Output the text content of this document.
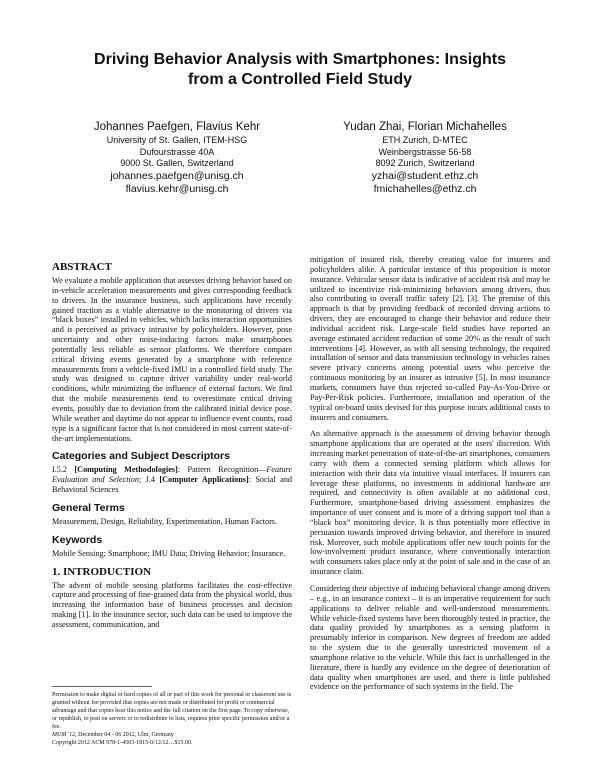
Driving Behavior Analysis with Smartphones: Insights
from a Controlled Field Study
Johannes Paefgen, Flavius Kehr
University of St. Gallen, ITEM-HSG
Dufourstrasse 40A
9000 St. Gallen, Switzerland
johannes.paefgen@unisg.ch
flavius.kehr@unisg.ch
Yudan Zhai, Florian Michahelles
ETH Zurich, D-MTEC
Weinbergstrasse 56-58
8092 Zurich, Switzerland
yzhai@student.ethz.ch
fmichahelles@ethz.ch
ABSTRACT

We evaluate a mobile application that assesses driving behavior based on in-vehicle acceleration measurements and gives corresponding feedback to drivers. In the insurance business, such applications have recently gained traction as a viable alternative to the monitoring of drivers via “black boxes” installed in vehicles, which lacks interaction opportunities and is perceived as privacy intrusive by policyholders. However, pose uncertainty and other noise-inducing factors make smartphones potentially less reliable as sensor platforms. We therefore compare critical driving events generated by a smartphone with reference measurements from a vehicle-fixed IMU in a controlled field study. The study was designed to capture driver variability under real-world conditions, while minimizing the influence of external factors. We find that the mobile measurements tend to overestimate critical driving events, possibly due to deviation from the calibrated initial device pose. While weather and daytime do not appear to influence event counts, road type is a significant factor that is not considered in most current state-of-the-art implementations.

Categories and Subject Descriptors

I.5.2 [Computing Methodologies]: Pattern Recognition—Feature Evaluation and Selection; J.4 [Computer Applications]: Social and Behavioral Sciences

General Terms

Measurement, Design, Reliability, Experimentation, Human Factors.

Keywords

Mobile Sensing; Smartphone; IMU Data; Driving Behavior; Insurance.

1. INTRODUCTION

The advent of mobile sensing platforms facilitates the cost-effective capture and processing of fine-grained data from the physical world, thus increasing the information base of business processes and decision making [1]. In the insurance sector, such data can be used to improve the assessment, communication, and

Permission to make digital or hard copies of all or part of this work for personal or classroom use is granted without fee provided that copies are not made or distributed for profit or commercial advantage and that copies bear this notice and the full citation on the first page. To copy otherwise, or republish, to post on servers or to redistribute to lists, requires prior specific permission and/or a fee.

MUM '12, December 04 - 06 2012, Ulm, Germany

Copyright 2012 ACM 978-1-4503-1815-0/12/12…$15.00.

mitigation of insured risk, thereby creating value for insurers and policyholders alike. A particular instance of this proposition is motor insurance. Vehicular sensor data is indicative of accident risk and may be utilized to incentivize risk-minimizing behaviors among drivers, thus also contributing to overall traffic safety [2], [3]. The premise of this approach is that by providing feedback of recorded driving actions to drivers, they are encouraged to change their behavior and reduce their individual accident risk. Large-scale field studies have reported an average estimated accident reduction of some 20% as the result of such interventions [4]. However, as with all sensing technology, the required installation of sensor and data transmission technology in vehicles raises severe privacy concerns among potential users who perceive the continuous monitoring by an insurer as intrusive [5]. In most insurance markets, consumers have thus rejected so-called Pay-As-You-Drive or Pay-Per-Risk policies. Furthermore, installation and operation of the typical on-board units devised for this purpose incurs additional costs to insurers and consumers.

An alternative approach is the assessment of driving behavior through smartphone applications that are operated at the users' discretion. With increasing market penetration of state-of-the-art smartphones, consumers carry with them a connected sensing platform which allows for interaction with their data via intuitive visual interfaces. If insurers can leverage these platforms, no investments in additional hardware are required, and connectivity is often available at no additional cost. Furthermore, smartphone-based driving assessment emphasizes the importance of user consent and is more of a driving support tool than a “black box” monitoring device. It is thus potentially more effective in persuasion towards improved driving behavior, and therefore in insured risk. Moreover, such mobile applications offer new touch points for the low-involvement product insurance, where conventionally interaction with consumers takes place only at the point of sale and in the case of an insurance claim.

Considering their objective of inducing behavioral change among drivers – e.g., in an insurance context – it is an imperative requirement for such applications to deliver reliable and well-understood measurements. While vehicle-fixed systems have been thoroughly tested in practice, the data quality provided by smartphones as a sensing platform is presumably inferior in comparison. New degrees of freedom are added to the system due to the generally unrestricted movement of a smartphone relative to the vehicle. While this fact is unchallenged in the literature, there is hardly any evidence on the degree of deterioration of data quality when smartphones are used, and there is little published evidence on the performance of such systems in the field. The
